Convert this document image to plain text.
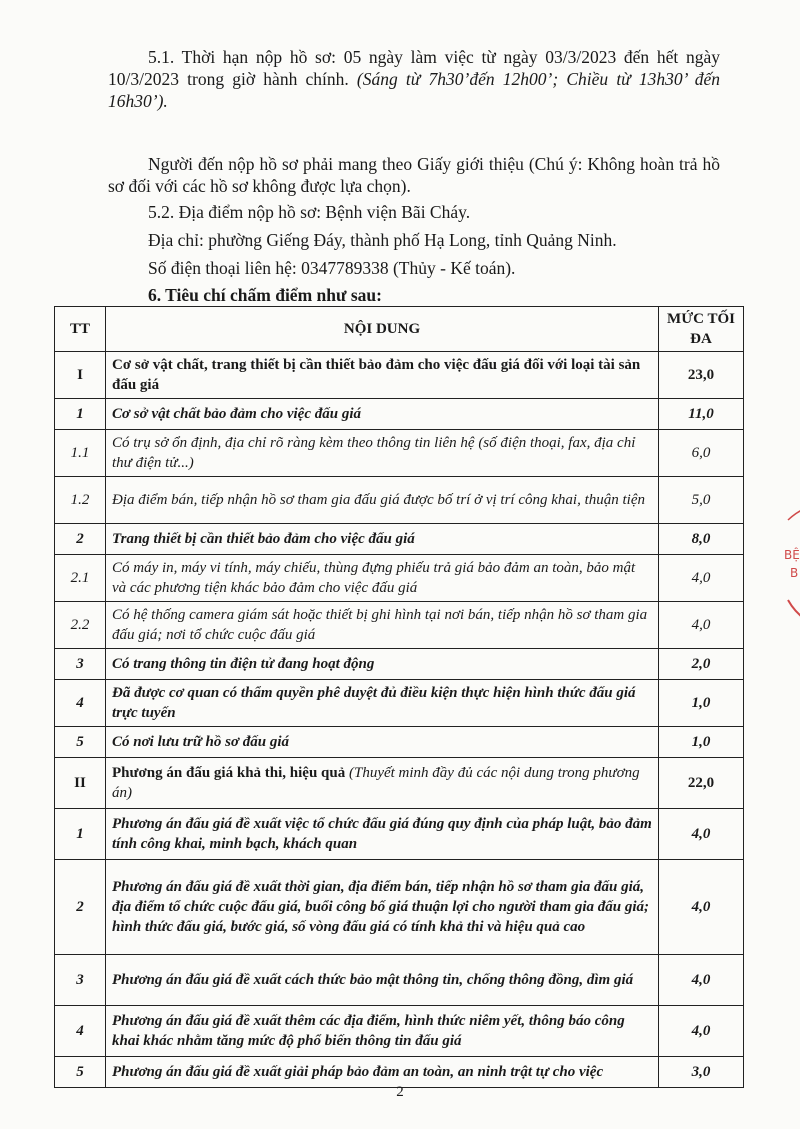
5.1. Thời hạn nộp hồ sơ: 05 ngày làm việc từ ngày 03/3/2023 đến hết ngày 10/3/2023 trong giờ hành chính. (Sáng từ 7h30’đến 12h00’; Chiều từ 13h30’ đến 16h30’).
Người đến nộp hồ sơ phải mang theo Giấy giới thiệu (Chú ý: Không hoàn trả hồ sơ đối với các hồ sơ không được lựa chọn).
5.2. Địa điểm nộp hồ sơ: Bệnh viện Bãi Cháy.
Địa chỉ: phường Giếng Đáy, thành phố Hạ Long, tỉnh Quảng Ninh.
Số điện thoại liên hệ: 0347789338 (Thủy - Kế toán).
6. Tiêu chí chấm điểm như sau:
TT	NỘI DUNG	MỨC TỐI ĐA
I	Cơ sở vật chất, trang thiết bị cần thiết bảo đảm cho việc đấu giá đối với loại tài sản đấu giá	23,0
1	Cơ sở vật chất bảo đảm cho việc đấu giá	11,0
1.1	Có trụ sở ổn định, địa chỉ rõ ràng kèm theo thông tin liên hệ (số điện thoại, fax, địa chỉ thư điện tử...)	6,0
1.2	Địa điểm bán, tiếp nhận hồ sơ tham gia đấu giá được bố trí ở vị trí công khai, thuận tiện	5,0
2	Trang thiết bị cần thiết bảo đảm cho việc đấu giá	8,0
2.1	Có máy in, máy vi tính, máy chiếu, thùng đựng phiếu trả giá bảo đảm an toàn, bảo mật và các phương tiện khác bảo đảm cho việc đấu giá	4,0
2.2	Có hệ thống camera giám sát hoặc thiết bị ghi hình tại nơi bán, tiếp nhận hồ sơ tham gia đấu giá; nơi tổ chức cuộc đấu giá	4,0
3	Có trang thông tin điện tử đang hoạt động	2,0
4	Đã được cơ quan có thẩm quyền phê duyệt đủ điều kiện thực hiện hình thức đấu giá trực tuyến	1,0
5	Có nơi lưu trữ hồ sơ đấu giá	1,0
II	Phương án đấu giá khả thi, hiệu quả (Thuyết minh đầy đủ các nội dung trong phương án)	22,0
1	Phương án đấu giá đề xuất việc tổ chức đấu giá đúng quy định của pháp luật, bảo đảm tính công khai, minh bạch, khách quan	4,0
2	Phương án đấu giá đề xuất thời gian, địa điểm bán, tiếp nhận hồ sơ tham gia đấu giá, địa điểm tổ chức cuộc đấu giá, buổi công bố giá thuận lợi cho người tham gia đấu giá; hình thức đấu giá, bước giá, số vòng đấu giá có tính khả thi và hiệu quả cao	4,0
3	Phương án đấu giá đề xuất cách thức bảo mật thông tin, chống thông đồng, dìm giá	4,0
4	Phương án đấu giá đề xuất thêm các địa điểm, hình thức niêm yết, thông báo công khai khác nhằm tăng mức độ phổ biến thông tin đấu giá	4,0
5	Phương án đấu giá đề xuất giải pháp bảo đảm an toàn, an ninh trật tự cho việc	3,0
2
BỆ
B
